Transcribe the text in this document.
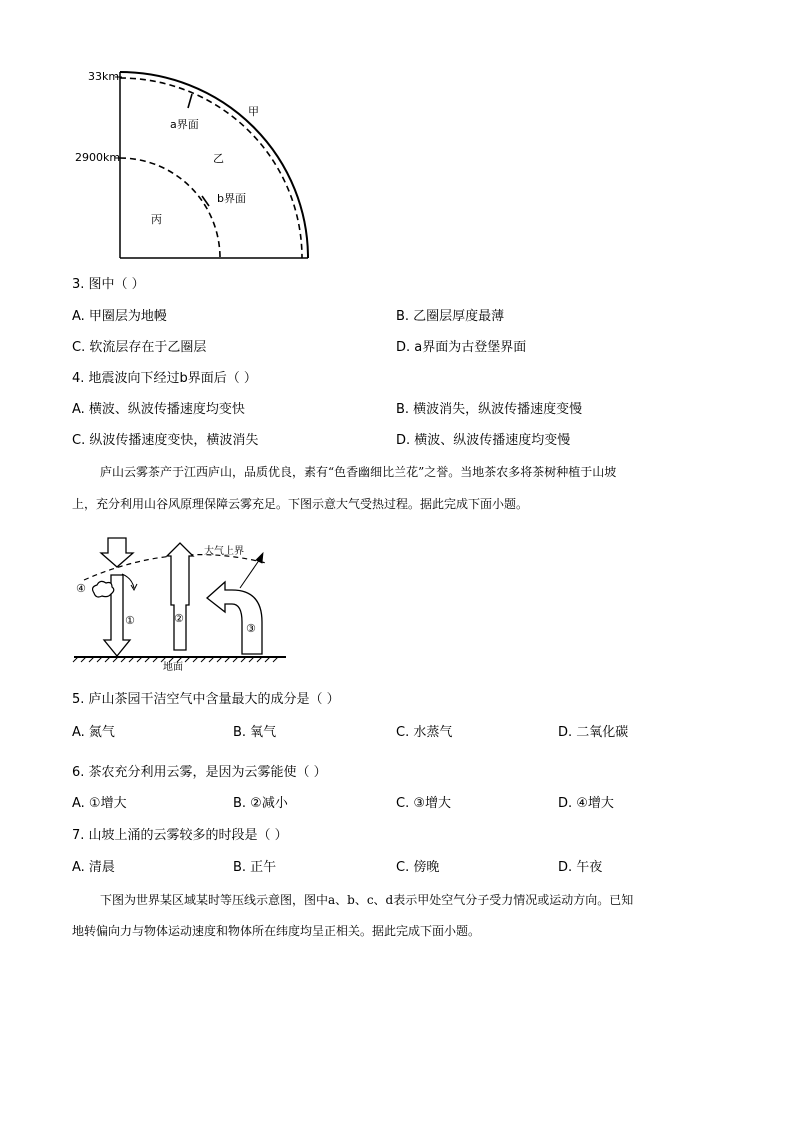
33km
2900km
a界面
甲
乙
b界面
丙
3. 图中（ ）
A. 甲圈层为地幔	B. 乙圈层厚度最薄
C. 软流层存在于乙圈层	D. a界面为古登堡界面
4. 地震波向下经过b界面后（ ）
A. 横波、纵波传播速度均变快	B. 横波消失，纵波传播速度变慢
C. 纵波传播速度变快，横波消失	D. 横波、纵波传播速度均变慢
庐山云雾茶产于江西庐山，品质优良，素有“色香幽细比兰花”之誉。当地茶农多将茶树种植于山坡
上，充分利用山谷风原理保障云雾充足。下图示意大气受热过程。据此完成下面小题。
大气上界
地面
①	②
③
④
5. 庐山茶园干洁空气中含量最大的成分是（ ）
A. 氮气	B. 氧气	C. 水蒸气	D. 二氧化碳
6. 茶农充分利用云雾，是因为云雾能使（ ）
A. ①增大	B. ②减小	C. ③增大	D. ④增大
7. 山坡上涌的云雾较多的时段是（ ）
A. 清晨	B. 正午	C. 傍晚	D. 午夜
下图为世界某区域某时等压线示意图，图中a、b、c、d表示甲处空气分子受力情况或运动方向。已知
地转偏向力与物体运动速度和物体所在纬度均呈正相关。据此完成下面小题。
